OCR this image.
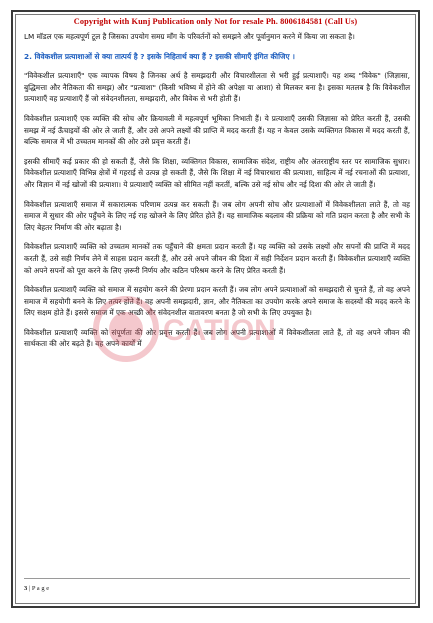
Copyright with Kunj Publication only Not for resale Ph. 8006184581 (Call Us)

LM मॉडल एक महत्वपूर्ण टूल है जिसका उपयोग समग्र माँग के परिवर्तनों को समझने और पूर्वानुमान करने में किया जा सकता है।

2. विवेकशील प्रत्याशाओं से क्या तात्पर्य है ? इसके निहितार्थ क्या हैं ? इसकी सीमाएँ इंगित कीजिए ।

"विवेकशील प्रत्याशाएँ" एक व्यापक विषय है जिनका अर्थ है समझदारी और विचारशीलता से भरी हुई प्रत्याशाएँ। यह शब्द "विवेक" (जिज्ञासा, बुद्धिमत्ता और नैतिकता की समझ) और "प्रत्याशा" (किसी भविष्य में होने की अपेक्षा या आशा) से मिलकर बना है। इसका मतलब है कि विवेकशील प्रत्याशाएँ वह प्रत्याशाएँ हैं जो संवेदनशीलता, समझदारी, और विवेक से भरी होती हैं।

विवेकशील प्रत्याशाएँ एक व्यक्ति की सोच और क्रियावली में महत्वपूर्ण भूमिका निभाती हैं। ये प्रत्याशाएँ उसकी जिज्ञासा को प्रेरित करती हैं, उसकी समझ में नई ऊँचाइयों की ओर ले जाती हैं, और उसे अपने लक्ष्यों की प्राप्ति में मदद करती हैं। यह न केवल उसके व्यक्तिगत विकास में मदद करती हैं, बल्कि समाज में भी उच्चतम मानकों की ओर उसे प्रवृत्त करती हैं।

इसकी सीमाएँ कई प्रकार की हो सकती हैं, जैसे कि शिक्षा, व्यक्तिगत विकास, सामाजिक संदेश, राष्ट्रीय और अंतरराष्ट्रीय स्तर पर सामाजिक सुधार। विवेकशील प्रत्याशाएँ विभिन्न क्षेत्रों में गहराई से उत्पन्न हो सकती हैं, जैसे कि शिक्षा में नई विचारधारा की प्रत्याशा, साहित्य में नई रचनाओं की प्रत्याशा, और विज्ञान में नई खोजों की प्रत्याशा। ये प्रत्याशाएँ व्यक्ति को सीमित नहीं करतीं, बल्कि उसे नई सोच और नई दिशा की ओर ले जाती हैं।

विवेकशील प्रत्याशाएँ समाज में सकारात्मक परिणाम उत्पन्न कर सकती हैं। जब लोग अपनी सोच और प्रत्याशाओं में विवेकशीलता लाते हैं, तो वह समाज में सुधार की ओर पहुँचने के लिए नई राह खोजने के लिए प्रेरित होते हैं। यह सामाजिक बदलाव की प्रक्रिया को गति प्रदान करता है और सभी के लिए बेहतर निर्माण की ओर बढ़ाता है।

विवेकशील प्रत्याशाएँ व्यक्ति को उच्चतम मानकों तक पहुँचाने की क्षमता प्रदान करती हैं। यह व्यक्ति को उसके लक्ष्यों और सपनों की प्राप्ति में मदद करती हैं, उसे सही निर्णय लेने में साहस प्रदान करती हैं, और उसे अपने जीवन की दिशा में सही निर्देशन प्रदान करती हैं। विवेकशील प्रत्याशाएँ व्यक्ति को अपने सपनों को पूरा करने के लिए ज़रूरी निर्णय और कठिन परिश्रम करने के लिए प्रेरित करती हैं।

विवेकशील प्रत्याशाएँ व्यक्ति को समाज में सहयोग करने की प्रेरणा प्रदान करती हैं। जब लोग अपने प्रत्याशाओं को समझदारी से चुनते हैं, तो वह अपने समाज में सहयोगी बनने के लिए तत्पर होते हैं। वह अपनी समझदारी, ज्ञान, और नैतिकता का उपयोग करके अपने समाज के सदस्यों की मदद करने के लिए सक्षम होते हैं। इससे समाज में एक अच्छी और संवेदनशील वातावरण बनता है जो सभी के लिए उपयुक्त है।

विवेकशील प्रत्याशाएँ व्यक्ति को संपूर्णता की ओर प्रवृत्त करती हैं। जब लोग अपनी प्रत्याशाओं में विवेकशीलता लाते हैं, तो वह अपने जीवन की सार्थकता की ओर बढ़ते हैं। वह अपने कार्यों में CATION
3 | P a g e
